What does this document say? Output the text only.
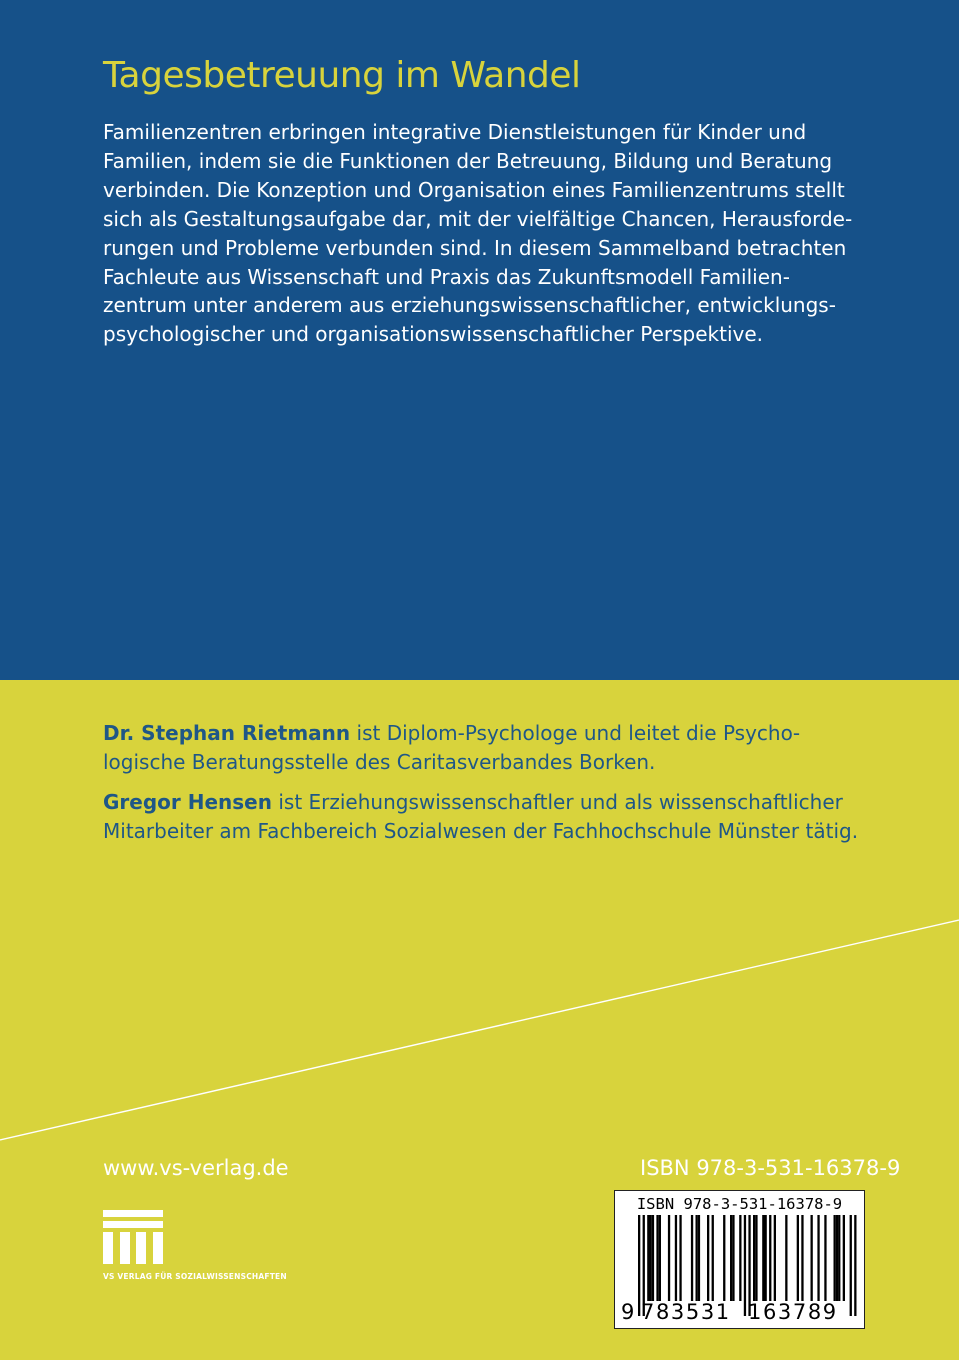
Tagesbetreuung im Wandel

Familienzentren erbringen integrative Dienstleistungen für Kinder und Familien, indem sie die Funktionen der Betreuung, Bildung und Beratung verbinden. Die Konzeption und Organisation eines Familienzentrums stellt sich als Gestaltungsaufgabe dar, mit der vielfältige Chancen, Herausforderungen und Probleme verbunden sind. In diesem Sammelband betrachten Fachleute aus Wissenschaft und Praxis das Zukunftsmodell Familienzentrum unter anderem aus erziehungswissenschaftlicher, entwicklungspsychologischer und organisationswissenschaftlicher Perspektive.

Dr. Stephan Rietmann ist Diplom-Psychologe und leitet die Psychologische Beratungsstelle des Caritasverbandes Borken.

Gregor Hensen ist Erziehungswissenschaftler und als wissenschaftlicher Mitarbeiter am Fachbereich Sozialwesen der Fachhochschule Münster tätig.

www.vs-verlag.de	ISBN 978-3-531-16378-9
VS VERLAG FÜR SOZIALWISSENSCHAFTEN
ISBN 978-3-531-16378-9
9 783531 163789
